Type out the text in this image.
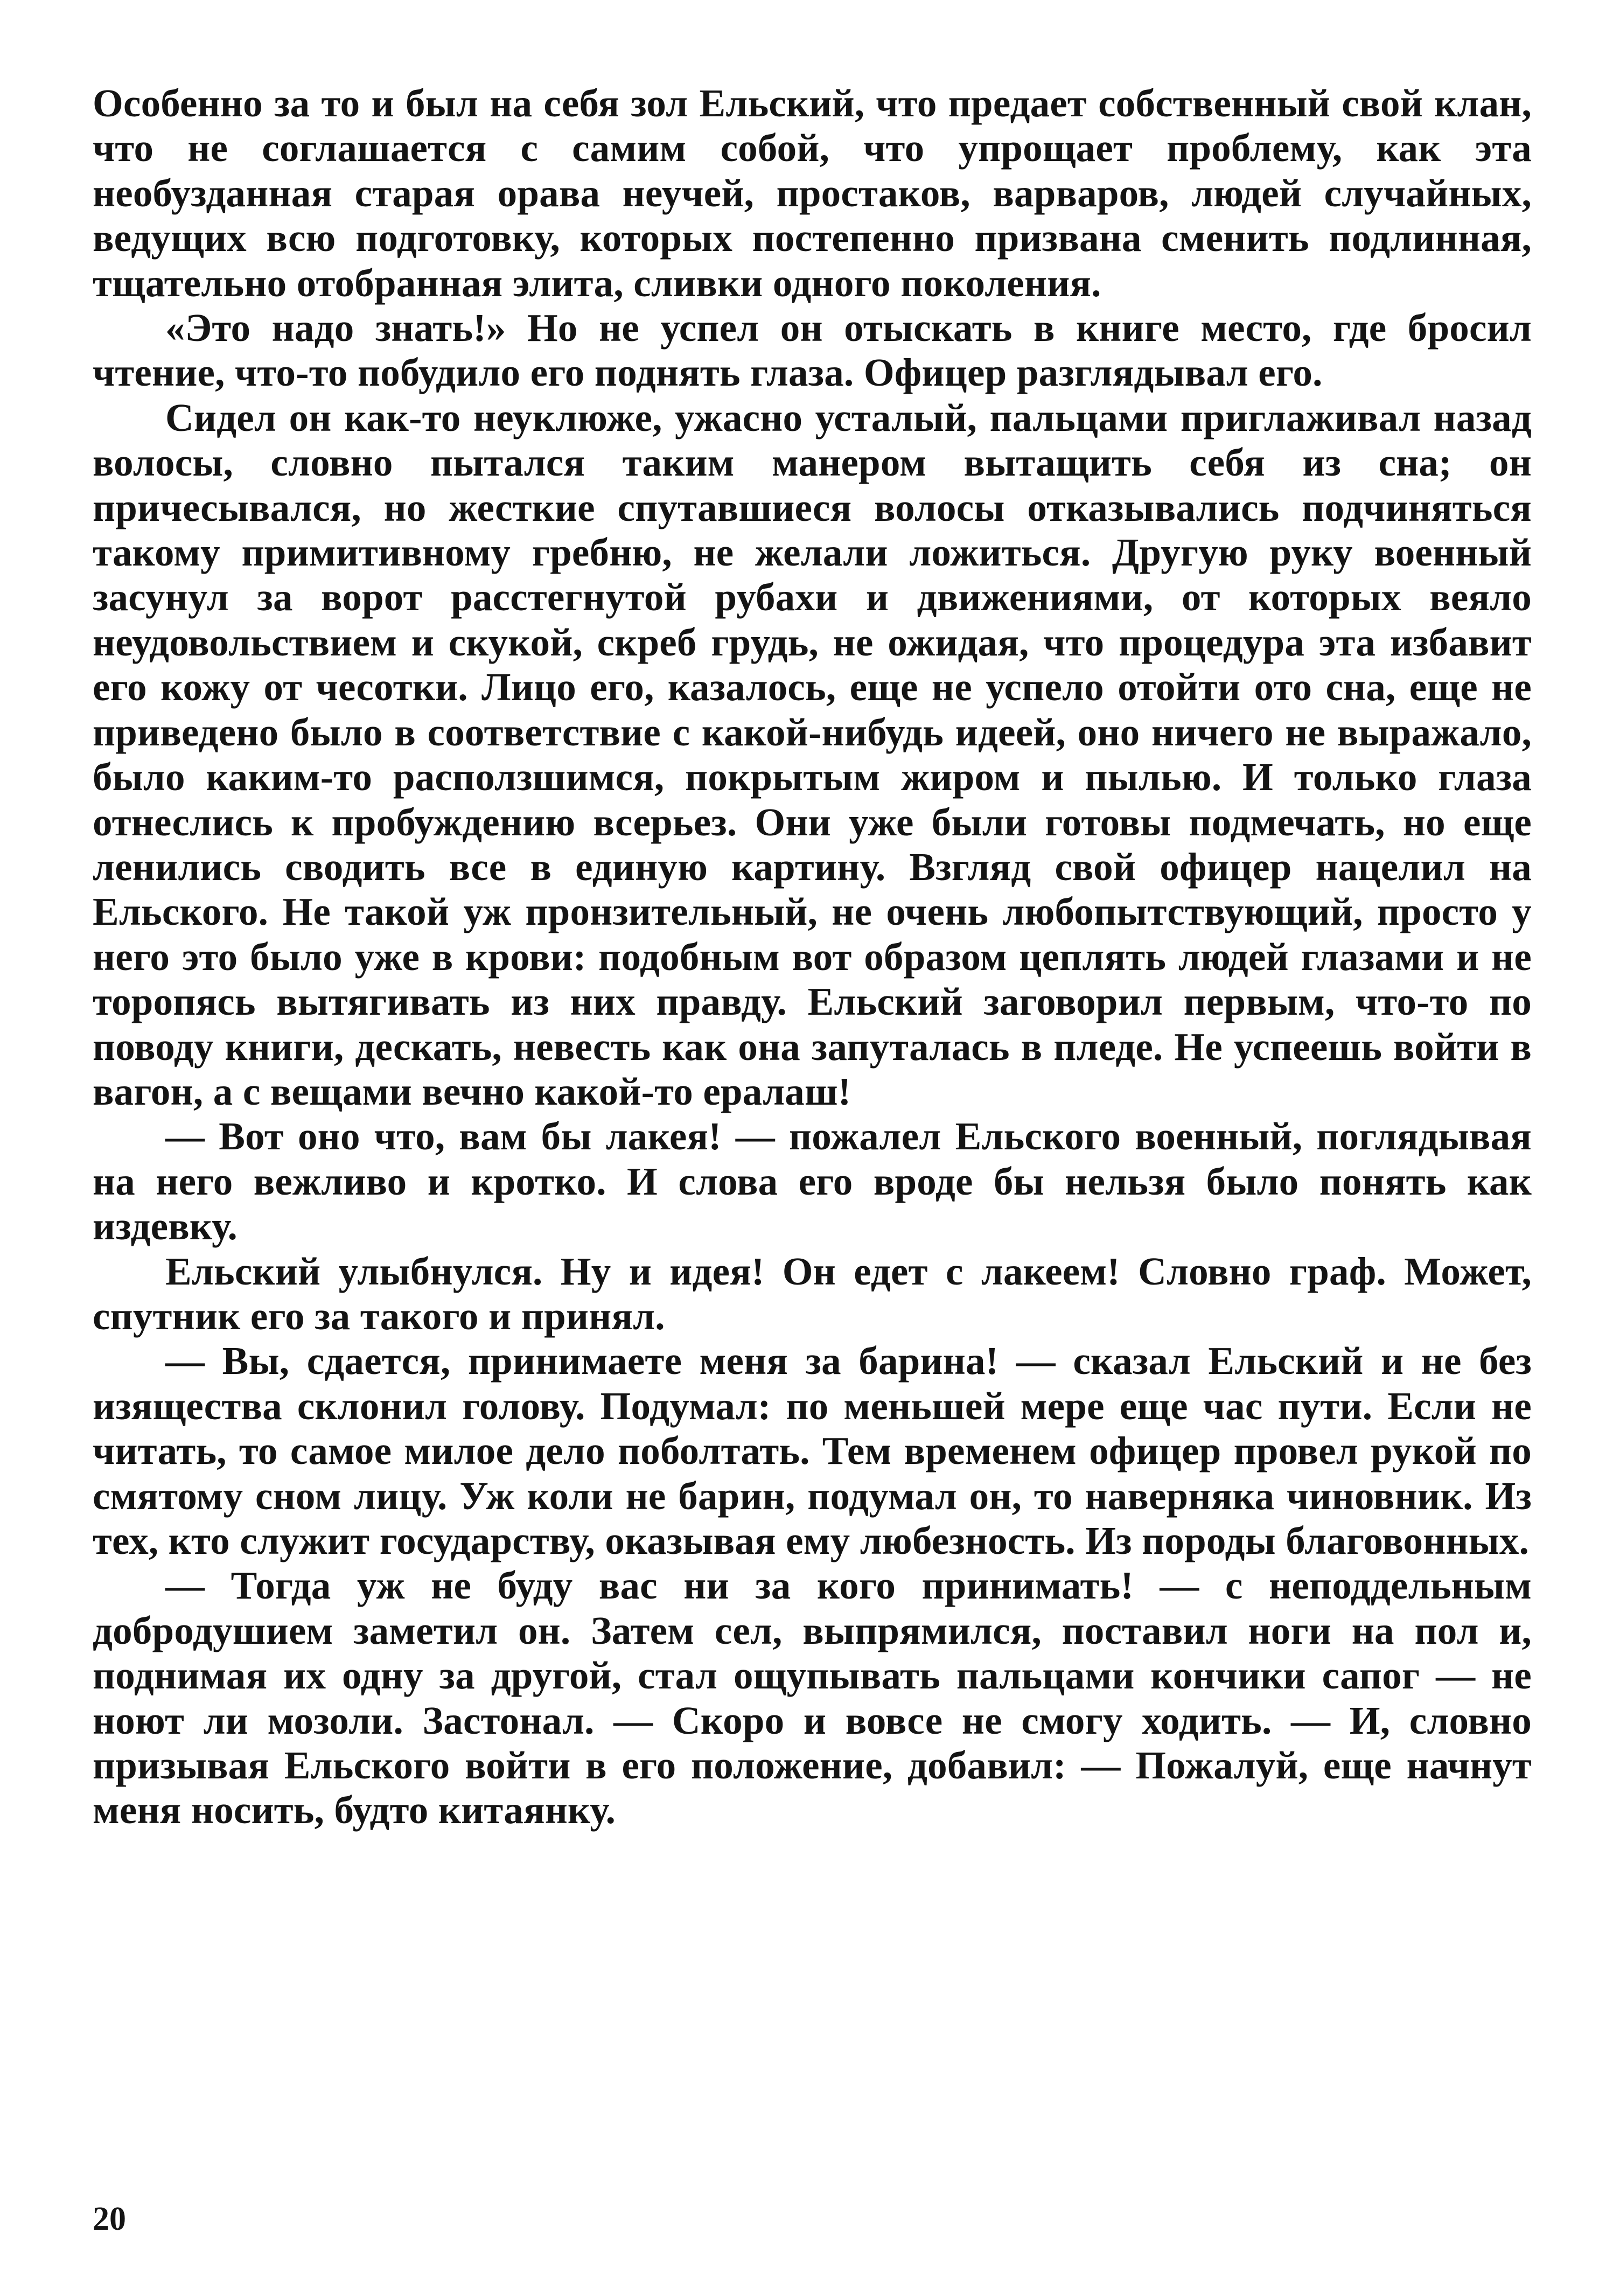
Особенно за то и был на себя зол Ельский, что предает собственный свой клан, что не соглашается с самим собой, что упрощает проблему, как эта необузданная старая орава неучей, простаков, варваров, людей случайных, ведущих всю подготовку, которых постепенно призвана сменить подлинная, тщательно отобранная элита, сливки одного поколения.

«Это надо знать!» Но не успел он отыскать в книге место, где бросил чтение, что-то побудило его поднять глаза. Офицер разглядывал его.

Сидел он как-то неуклюже, ужасно усталый, пальцами приглаживал назад волосы, словно пытался таким манером вытащить себя из сна; он причесывался, но жесткие спутавшиеся волосы отказывались подчиняться такому примитивному гребню, не желали ложиться. Другую руку военный засунул за ворот расстегнутой рубахи и движениями, от которых веяло неудовольствием и скукой, скреб грудь, не ожидая, что процедура эта избавит его кожу от чесотки. Лицо его, казалось, еще не успело отойти ото сна, еще не приведено было в соответствие с какой-нибудь идеей, оно ничего не выражало, было каким-то расползшимся, покрытым жиром и пылью. И только глаза отнеслись к пробуждению всерьез. Они уже были готовы подмечать, но еще ленились сводить все в единую картину. Взгляд свой офицер нацелил на Ельского. Не такой уж пронзительный, не очень любопытствующий, просто у него это было уже в крови: подобным вот образом цеплять людей глазами и не торопясь вытягивать из них правду. Ельский заговорил первым, что-то по поводу книги, дескать, невесть как она запуталась в пледе. Не успеешь войти в вагон, а с вещами вечно какой-то ералаш!

— Вот оно что, вам бы лакея! — пожалел Ельского военный, поглядывая на него вежливо и кротко. И слова его вроде бы нельзя было понять как издевку.

Ельский улыбнулся. Ну и идея! Он едет с лакеем! Словно граф. Может, спутник его за такого и принял.

— Вы, сдается, принимаете меня за барина! — сказал Ельский и не без изящества склонил голову. Подумал: по меньшей мере еще час пути. Если не читать, то самое милое дело поболтать. Тем временем офицер провел рукой по смятому сном лицу. Уж коли не барин, подумал он, то наверняка чиновник. Из тех, кто служит государству, оказывая ему любезность. Из породы благовонных.

— Тогда уж не буду вас ни за кого принимать! — с неподдельным добродушием заметил он. Затем сел, выпрямился, поставил ноги на пол и, поднимая их одну за другой, стал ощупывать пальцами кончики сапог — не ноют ли мозоли. Застонал. — Скоро и вовсе не смогу ходить. — И, словно призывая Ельского войти в его положение, добавил: — Пожалуй, еще начнут меня носить, будто китаянку.

20
